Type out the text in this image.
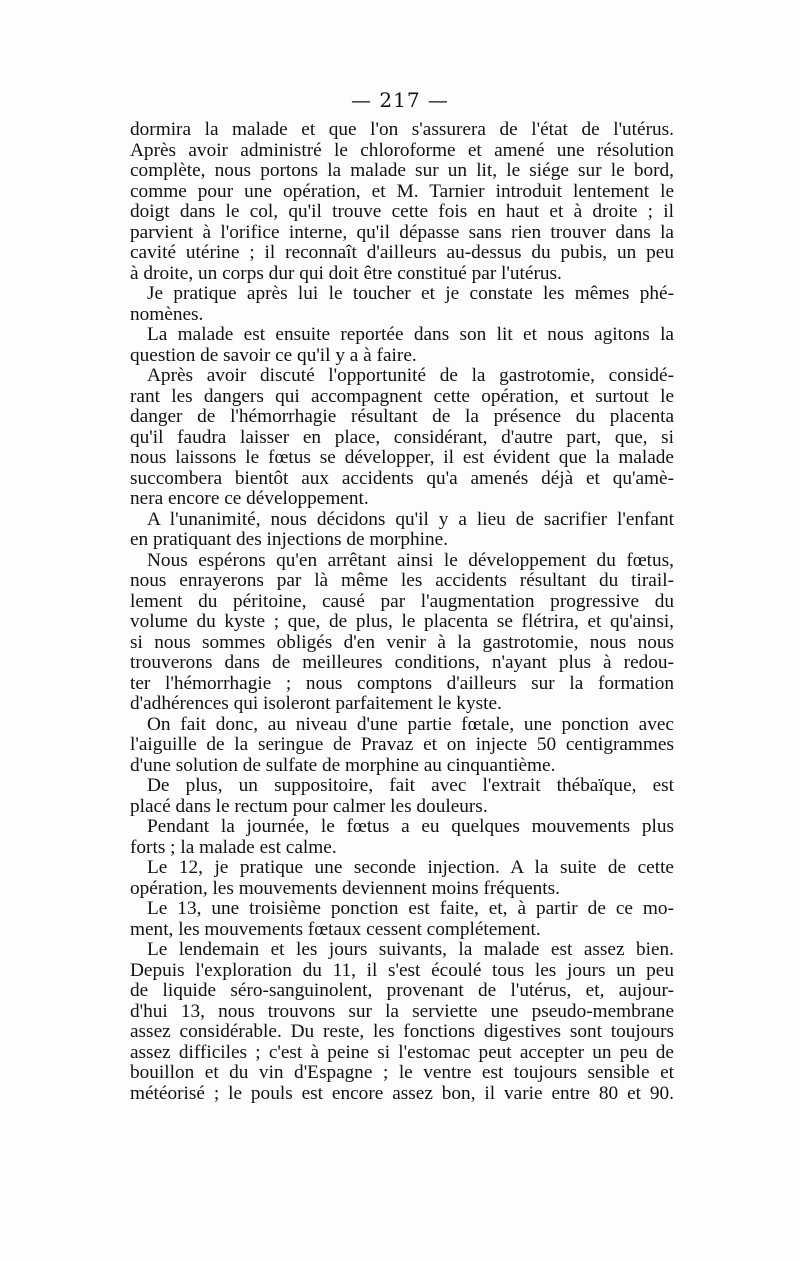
— 217 —
dormira la malade et que l'on s'assurera de l'état de l'utérus.
Après avoir administré le chloroforme et amené une résolution
complète, nous portons la malade sur un lit, le siége sur le bord,
comme pour une opération, et M. Tarnier introduit lentement le
doigt dans le col, qu'il trouve cette fois en haut et à droite ; il
parvient à l'orifice interne, qu'il dépasse sans rien trouver dans la
cavité utérine ; il reconnaît d'ailleurs au-dessus du pubis, un peu
à droite, un corps dur qui doit être constitué par l'utérus.
Je pratique après lui le toucher et je constate les mêmes phé-
nomènes.
La malade est ensuite reportée dans son lit et nous agitons la
question de savoir ce qu'il y a à faire.
Après avoir discuté l'opportunité de la gastrotomie, considé-
rant les dangers qui accompagnent cette opération, et surtout le
danger de l'hémorrhagie résultant de la présence du placenta
qu'il faudra laisser en place, considérant, d'autre part, que, si
nous laissons le fœtus se développer, il est évident que la malade
succombera bientôt aux accidents qu'a amenés déjà et qu'amè-
nera encore ce développement.
A l'unanimité, nous décidons qu'il y a lieu de sacrifier l'enfant
en pratiquant des injections de morphine.
Nous espérons qu'en arrêtant ainsi le développement du fœtus,
nous enrayerons par là même les accidents résultant du tirail-
lement du péritoine, causé par l'augmentation progressive du
volume du kyste ; que, de plus, le placenta se flétrira, et qu'ainsi,
si nous sommes obligés d'en venir à la gastrotomie, nous nous
trouverons dans de meilleures conditions, n'ayant plus à redou-
ter l'hémorrhagie ; nous comptons d'ailleurs sur la formation
d'adhérences qui isoleront parfaitement le kyste.
On fait donc, au niveau d'une partie fœtale, une ponction avec
l'aiguille de la seringue de Pravaz et on injecte 50 centigrammes
d'une solution de sulfate de morphine au cinquantième.
De plus, un suppositoire, fait avec l'extrait thébaïque, est
placé dans le rectum pour calmer les douleurs.
Pendant la journée, le fœtus a eu quelques mouvements plus
forts ; la malade est calme.
Le 12, je pratique une seconde injection. A la suite de cette
opération, les mouvements deviennent moins fréquents.
Le 13, une troisième ponction est faite, et, à partir de ce mo-
ment, les mouvements fœtaux cessent complétement.
Le lendemain et les jours suivants, la malade est assez bien.
Depuis l'exploration du 11, il s'est écoulé tous les jours un peu
de liquide séro-sanguinolent, provenant de l'utérus, et, aujour-
d'hui 13, nous trouvons sur la serviette une pseudo-membrane
assez considérable. Du reste, les fonctions digestives sont toujours
assez difficiles ; c'est à peine si l'estomac peut accepter un peu de
bouillon et du vin d'Espagne ; le ventre est toujours sensible et
météorisé ; le pouls est encore assez bon, il varie entre 80 et 90.
